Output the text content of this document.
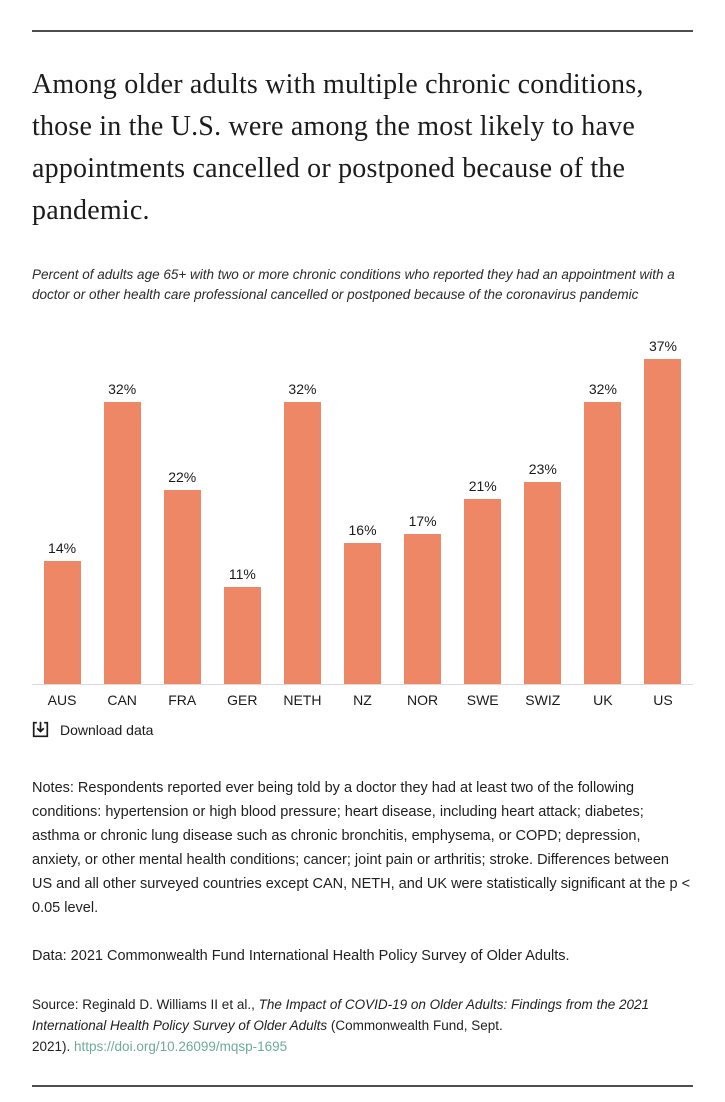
Among older adults with multiple chronic conditions, those in the U.S. were among the most likely to have appointments cancelled or postponed because of the pandemic.

Percent of adults age 65+ with two or more chronic conditions who reported they had an appointment with a doctor or other health care professional cancelled or postponed because of the coronavirus pandemic

14%
32%
22%
11%
32%
16%
17%
21%
23%
32%
37%
AUS	CAN	FRA	GER	NETH	NZ	NOR	SWE	SWIZ	UK	US
Download data

Notes: Respondents reported ever being told by a doctor they had at least two of the following conditions: hypertension or high blood pressure; heart disease, including heart attack; diabetes; asthma or chronic lung disease such as chronic bronchitis, emphysema, or COPD; depression, anxiety, or other mental health conditions; cancer; joint pain or arthritis; stroke. Differences between US and all other surveyed countries except CAN, NETH, and UK were statistically significant at the p < 0.05 level.

Data: 2021 Commonwealth Fund International Health Policy Survey of Older Adults.

Source: Reginald D. Williams II et al., The Impact of COVID-19 on Older Adults: Findings from the 2021 International Health Policy Survey of Older Adults (Commonwealth Fund, Sept.
2021). https://doi.org/10.26099/mqsp-1695
